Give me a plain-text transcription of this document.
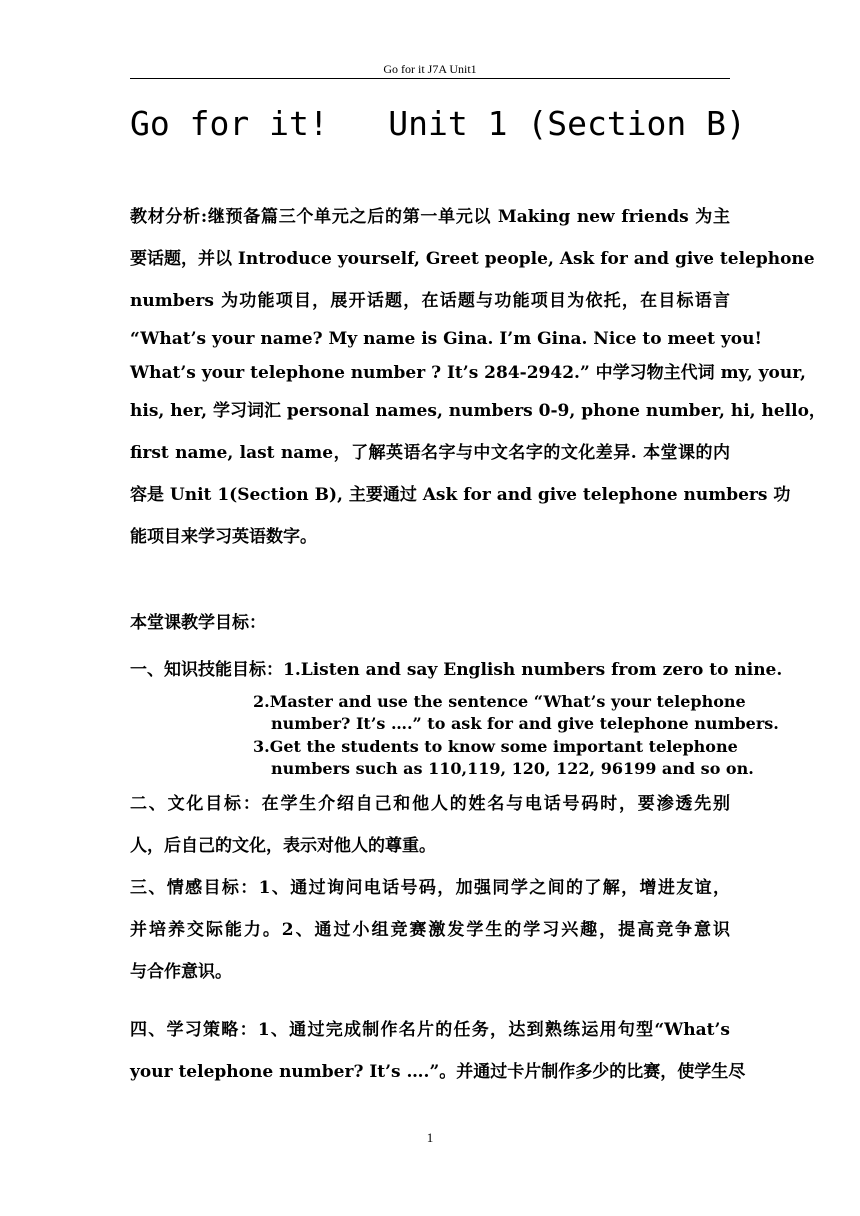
Go for it J7A Unit1
Go for it!   Unit 1 (Section B)
教材分析:继预备篇三个单元之后的第一单元以 Making new friends 为主
要话题，并以 Introduce yourself, Greet people, Ask for and give telephone
numbers 为功能项目，展开话题，在话题与功能项目为依托，在目标语言
“What’s your name? My name is Gina. I’m Gina. Nice to meet you!
What’s your telephone number ? It’s 284-2942.” 中学习物主代词 my, your,
his, her, 学习词汇 personal names, numbers 0-9, phone number, hi, hello，
first name, last name，了解英语名字与中文名字的文化差异. 本堂课的内
容是 Unit 1(Section B), 主要通过 Ask for and give telephone numbers 功
能项目来学习英语数字。
本堂课教学目标：
一、知识技能目标：1.Listen and say English numbers from zero to nine.
2.Master and use the sentence “What’s your telephone
number? It’s ….” to ask for and give telephone numbers.
3.Get the students to know some important telephone
numbers such as 110,119, 120, 122, 96199 and so on.
二、文化目标：在学生介绍自己和他人的姓名与电话号码时，要渗透先别
人，后自己的文化，表示对他人的尊重。
三、情感目标：1、通过询问电话号码，加强同学之间的了解，增进友谊，
并培养交际能力。2、通过小组竞赛激发学生的学习兴趣，提高竞争意识
与合作意识。
四、学习策略：1、通过完成制作名片的任务，达到熟练运用句型“What’s
your telephone number? It’s ….”。并通过卡片制作多少的比赛，使学生尽
1
